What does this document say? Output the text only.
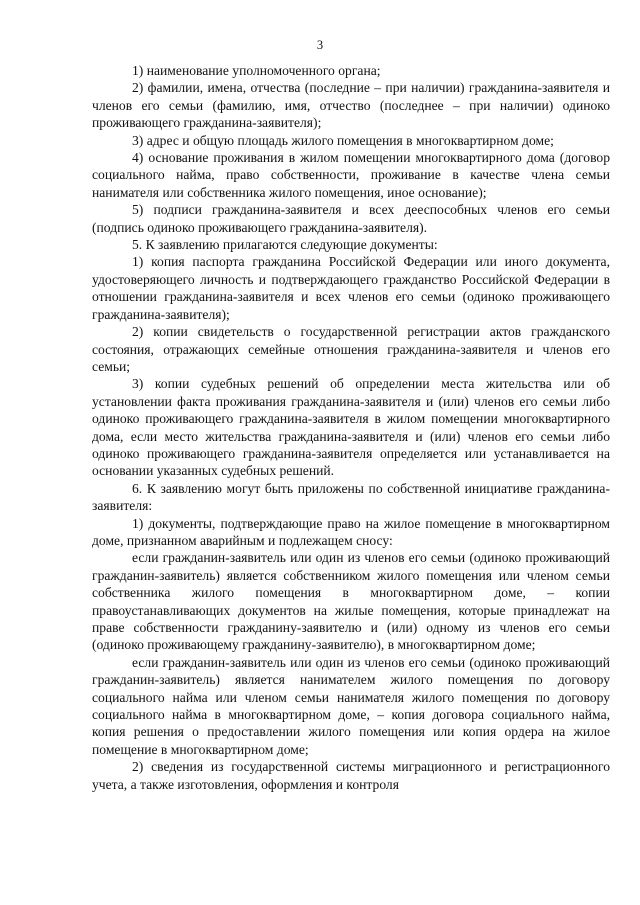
3

1) наименование уполномоченного органа;

2) фамилии, имена, отчества (последние – при наличии) гражданина-заявителя и членов его семьи (фамилию, имя, отчество (последнее – при наличии) одиноко проживающего гражданина-заявителя);

3) адрес и общую площадь жилого помещения в многоквартирном доме;

4) основание проживания в жилом помещении многоквартирного дома (договор социального найма, право собственности, проживание в качестве члена семьи нанимателя или собственника жилого помещения, иное основание);

5) подписи гражданина-заявителя и всех дееспособных членов его семьи (подпись одиноко проживающего гражданина-заявителя).

5. К заявлению прилагаются следующие документы:

1) копия паспорта гражданина Российской Федерации или иного документа, удостоверяющего личность и подтверждающего гражданство Российской Федерации в отношении гражданина-заявителя и всех членов его семьи (одиноко проживающего гражданина-заявителя);

2) копии свидетельств о государственной регистрации актов гражданского состояния, отражающих семейные отношения гражданина-заявителя и членов его семьи;

3) копии судебных решений об определении места жительства или об установлении факта проживания гражданина-заявителя и (или) членов его семьи либо одиноко проживающего гражданина-заявителя в жилом помещении многоквартирного дома, если место жительства гражданина-заявителя и (или) членов его семьи либо одиноко проживающего гражданина-заявителя определяется или устанавливается на основании указанных судебных решений.

6. К заявлению могут быть приложены по собственной инициативе гражданина-заявителя:

1) документы, подтверждающие право на жилое помещение в многоквартирном доме, признанном аварийным и подлежащем сносу:

если гражданин-заявитель или один из членов его семьи (одиноко проживающий гражданин-заявитель) является собственником жилого помещения или членом семьи собственника жилого помещения в многоквартирном доме, – копии правоустанавливающих документов на жилые помещения, которые принадлежат на праве собственности гражданину-заявителю и (или) одному из членов его семьи (одиноко проживающему гражданину-заявителю), в многоквартирном доме;

если гражданин-заявитель или один из членов его семьи (одиноко проживающий гражданин-заявитель) является нанимателем жилого помещения по договору социального найма или членом семьи нанимателя жилого помещения по договору социального найма в многоквартирном доме, – копия договора социального найма, копия решения о предоставлении жилого помещения или копия ордера на жилое помещение в многоквартирном доме;

2) сведения из государственной системы миграционного и регистрационного учета, а также изготовления, оформления и контроля
